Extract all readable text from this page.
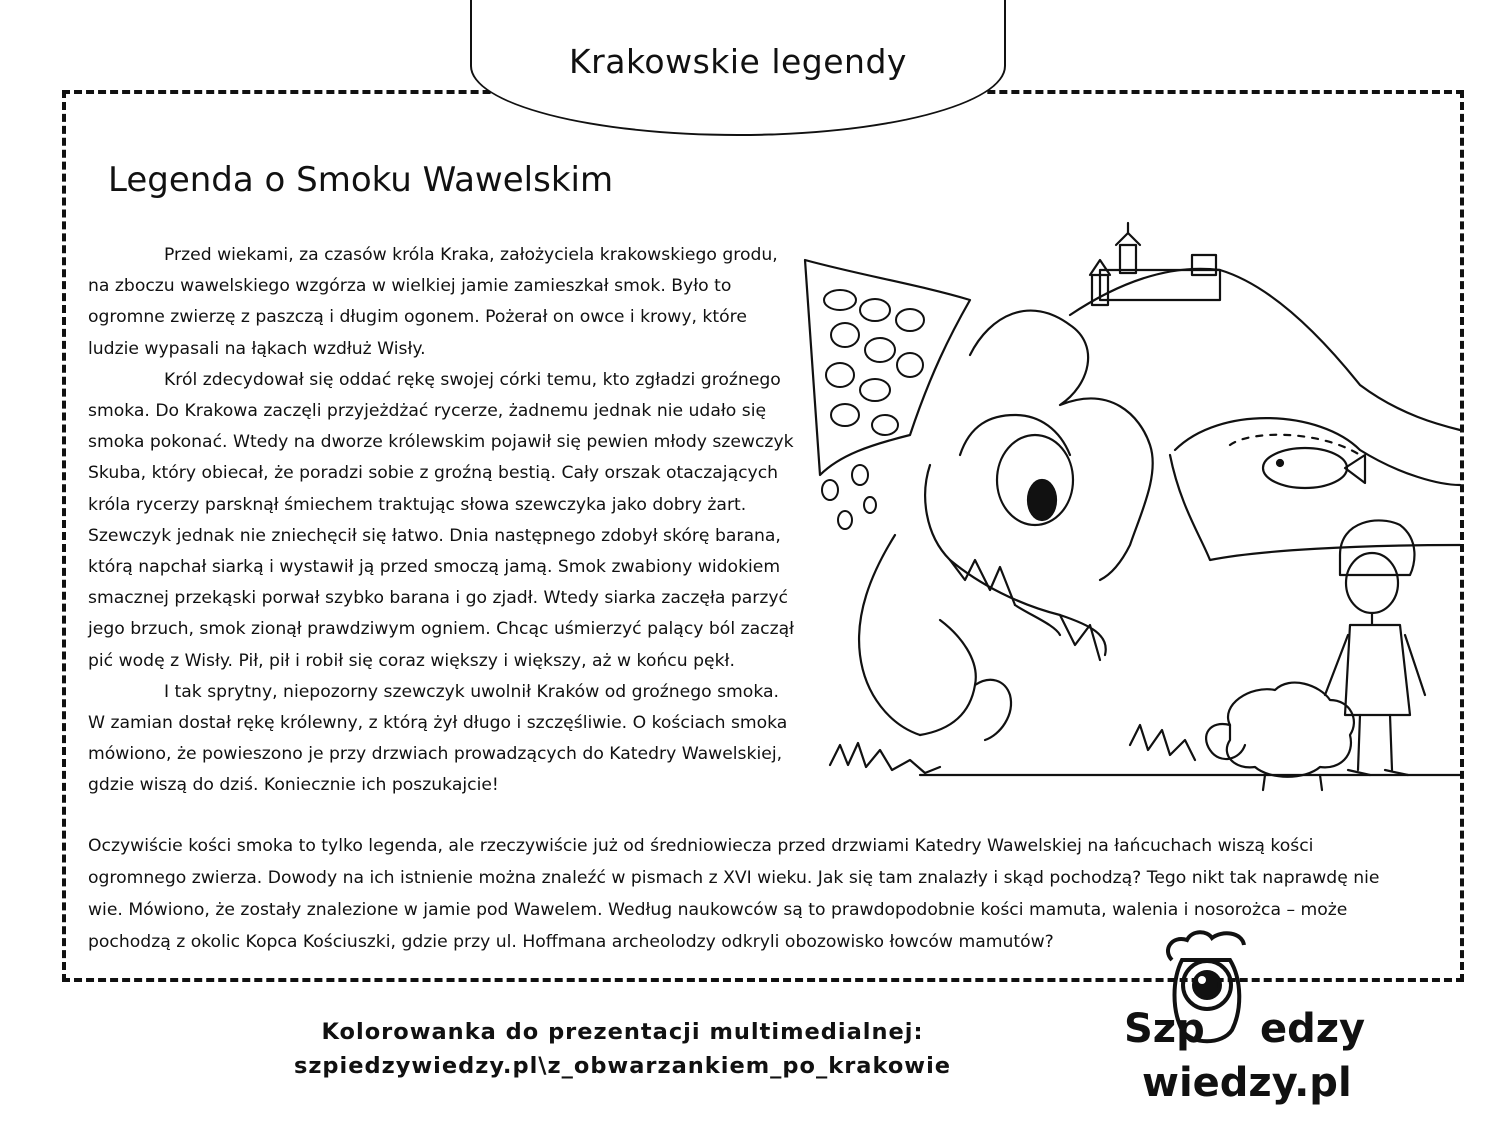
Krakowskie legendy
Legenda o Smoku Wawelskim

Przed wiekami, za czasów króla Kraka, założyciela krakowskiego grodu, na zboczu wawelskiego wzgórza w wielkiej jamie zamieszkał smok. Było to ogromne zwierzę z paszczą i długim ogonem. Pożerał on owce i krowy, które ludzie wypasali na łąkach wzdłuż Wisły.

Król zdecydował się oddać rękę swojej córki temu, kto zgładzi groźnego smoka. Do Krakowa zaczęli przyjeżdżać rycerze, żadnemu jednak nie udało się smoka pokonać. Wtedy na dworze królewskim pojawił się pewien młody szewczyk Skuba, który obiecał, że poradzi sobie z groźną bestią. Cały orszak otaczających króla rycerzy parsknął śmiechem traktując słowa szewczyka jako dobry żart. Szewczyk jednak nie zniechęcił się łatwo. Dnia następnego zdobył skórę barana, którą napchał siarką i wystawił ją przed smoczą jamą. Smok zwabiony widokiem smacznej przekąski porwał szybko barana i go zjadł. Wtedy siarka zaczęła parzyć jego brzuch, smok zionął prawdziwym ogniem. Chcąc uśmierzyć palący ból zaczął pić wodę z Wisły. Pił, pił i robił się coraz większy i większy, aż w końcu pękł.

I tak sprytny, niepozorny szewczyk uwolnił Kraków od groźnego smoka. W zamian dostał rękę królewny, z którą żył długo i szczęśliwie. O kościach smoka mówiono, że powieszono je przy drzwiach prowadzących do Katedry Wawelskiej, gdzie wiszą do dziś. Koniecznie ich poszukajcie!

Oczywiście kości smoka to tylko legenda, ale rzeczywiście już od średniowiecza przed drzwiami Katedry Wawelskiej na łańcuchach wiszą kości ogromnego zwierza. Dowody na ich istnienie można znaleźć w pismach z XVI wieku. Jak się tam znalazły i skąd pochodzą? Tego nikt tak naprawdę nie wie. Mówiono, że zostały znalezione w jamie pod Wawelem. Według naukowców są to prawdopodobnie kości mamuta, walenia i nosorożca – może pochodzą z okolic Kopca Kościuszki, gdzie przy ul. Hoffmana archeolodzy odkryli obozowisko łowców mamutów?
Kolorowanka do prezentacji multimedialnej:
szpiedzywiedzy.pl\z_obwarzankiem_po_krakowie
Szp edzy
wiedzy.pl
